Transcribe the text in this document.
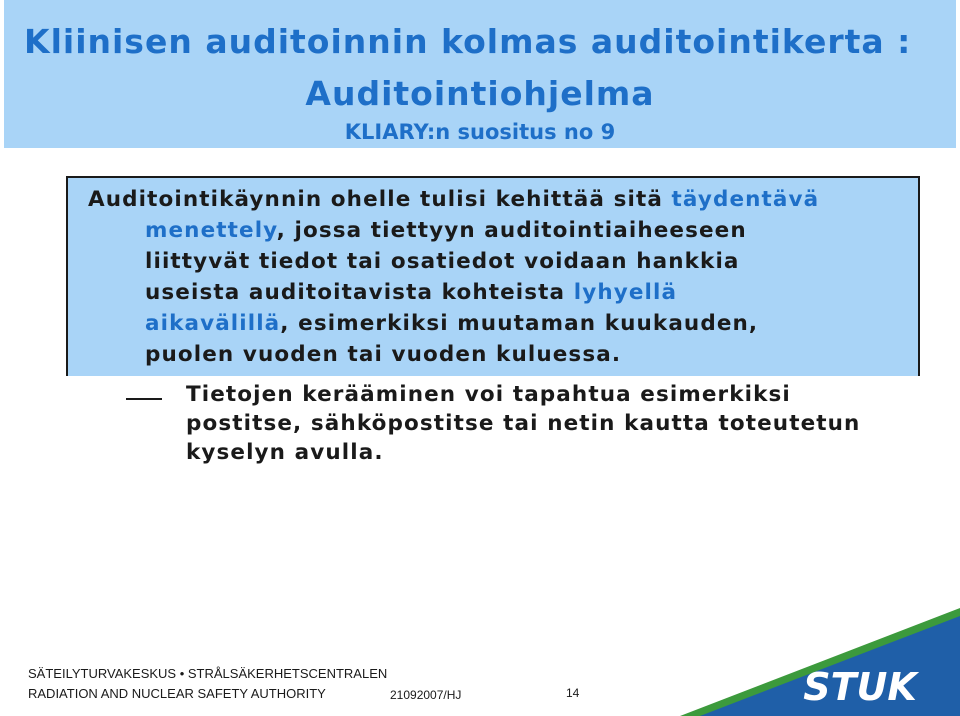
Kliinisen auditoinnin kolmas auditointikerta :
Auditointiohjelma
KLIARY:n suositus no 9
Auditointikäynnin ohelle tulisi kehittää sitä täydentävä
menettely, jossa tiettyyn auditointiaiheeseen
liittyvät tiedot tai osatiedot voidaan hankkia
useista auditoitavista kohteista lyhyellä
aikavälillä, esimerkiksi muutaman kuukauden,
puolen vuoden tai vuoden kuluessa.
Tietojen kerääminen voi tapahtua esimerkiksi
postitse, sähköpostitse tai netin kautta toteutetun
kyselyn avulla.
STUK
SÄTEILYTURVAKESKUS • STRÅLSÄKERHETSCENTRALEN
RADIATION AND NUCLEAR SAFETY AUTHORITY	21092007/HJ	14
